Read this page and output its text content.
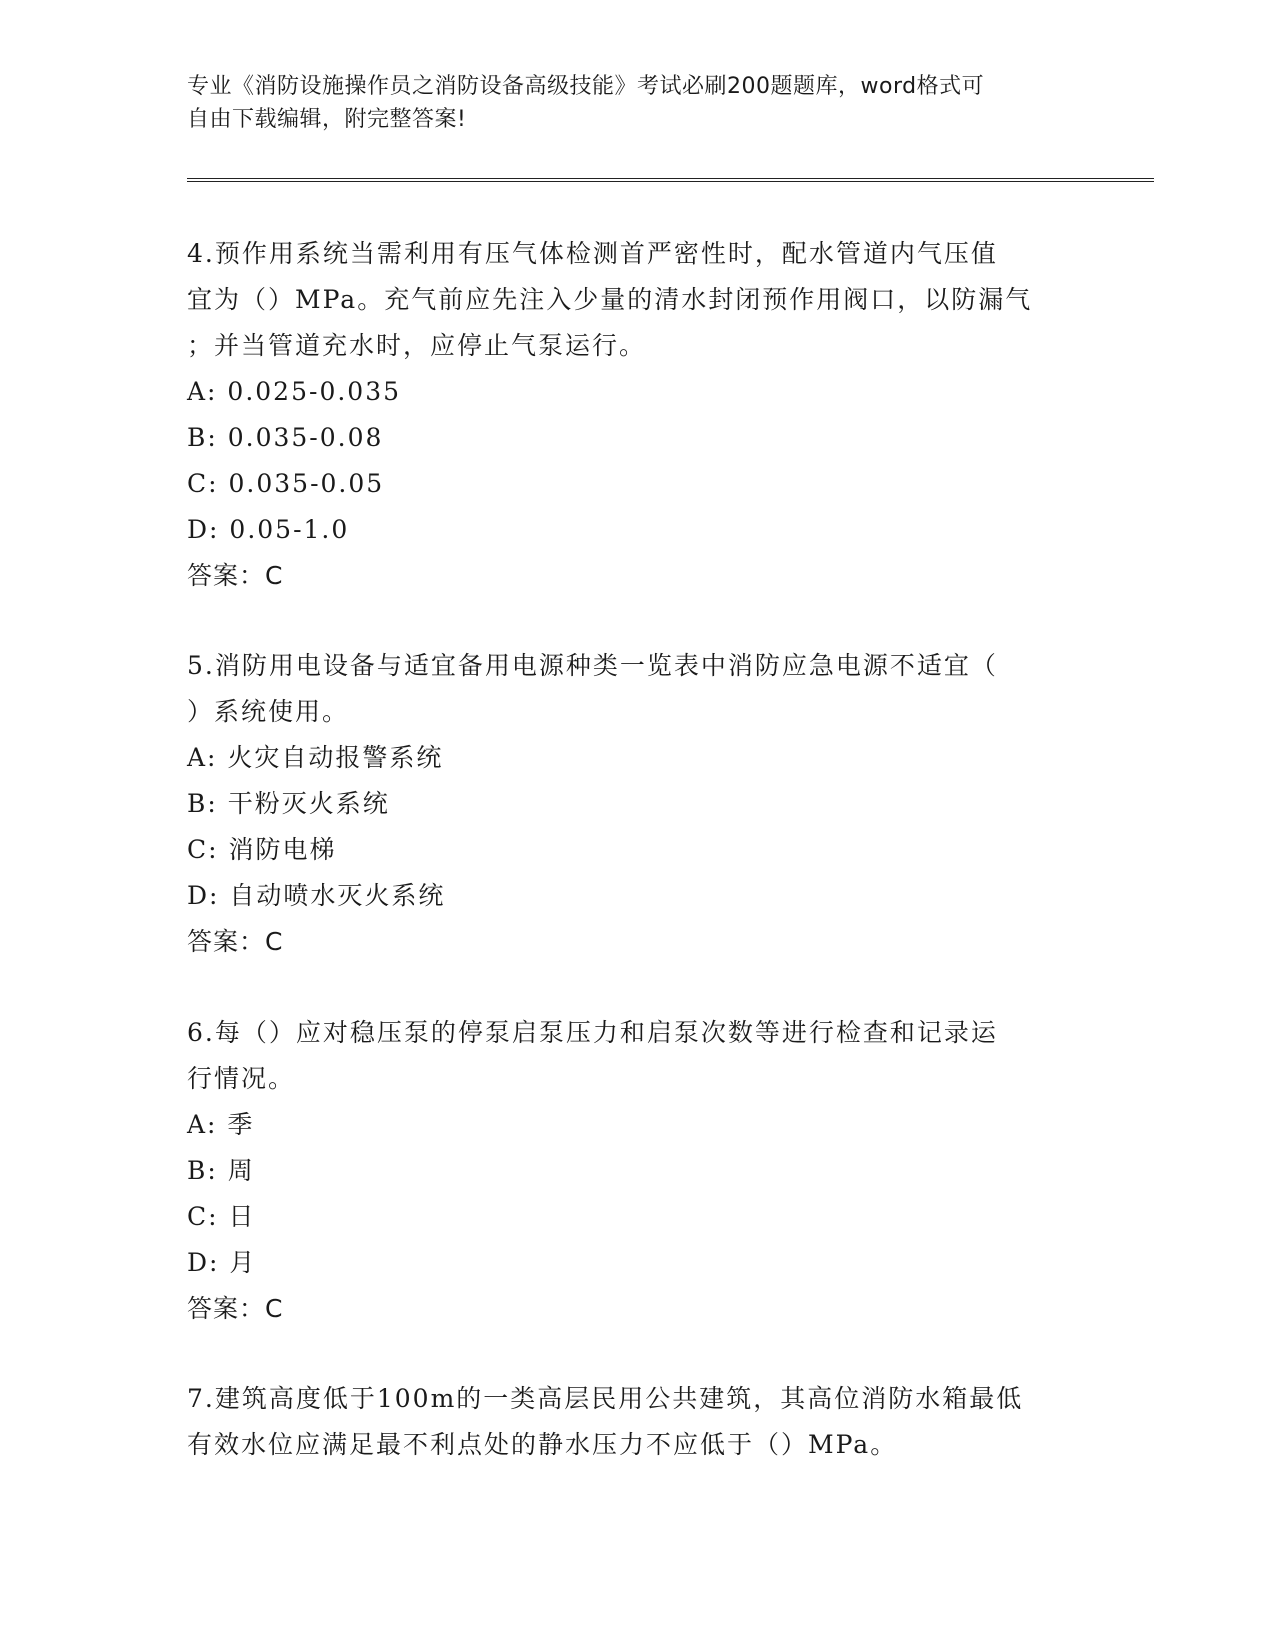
专业《消防设施操作员之消防设备高级技能》考试必刷200题题库，word格式可
自由下载编辑，附完整答案!

4.预作用系统当需利用有压气体检测首严密性时，配水管道内气压值

宜为（）MPa。充气前应先注入少量的清水封闭预作用阀口，以防漏气

；并当管道充水时，应停止气泵运行。

A: 0.025-0.035

B: 0.035-0.08

C: 0.035-0.05

D: 0.05-1.0

答案：C

5.消防用电设备与适宜备用电源种类一览表中消防应急电源不适宜（

）系统使用。

A: 火灾自动报警系统

B: 干粉灭火系统

C: 消防电梯

D: 自动喷水灭火系统

答案：C

6.每（）应对稳压泵的停泵启泵压力和启泵次数等进行检查和记录运

行情况。

A: 季

B: 周

C: 日

D: 月

答案：C

7.建筑高度低于100m的一类高层民用公共建筑，其高位消防水箱最低

有效水位应满足最不利点处的静水压力不应低于（）MPa。
